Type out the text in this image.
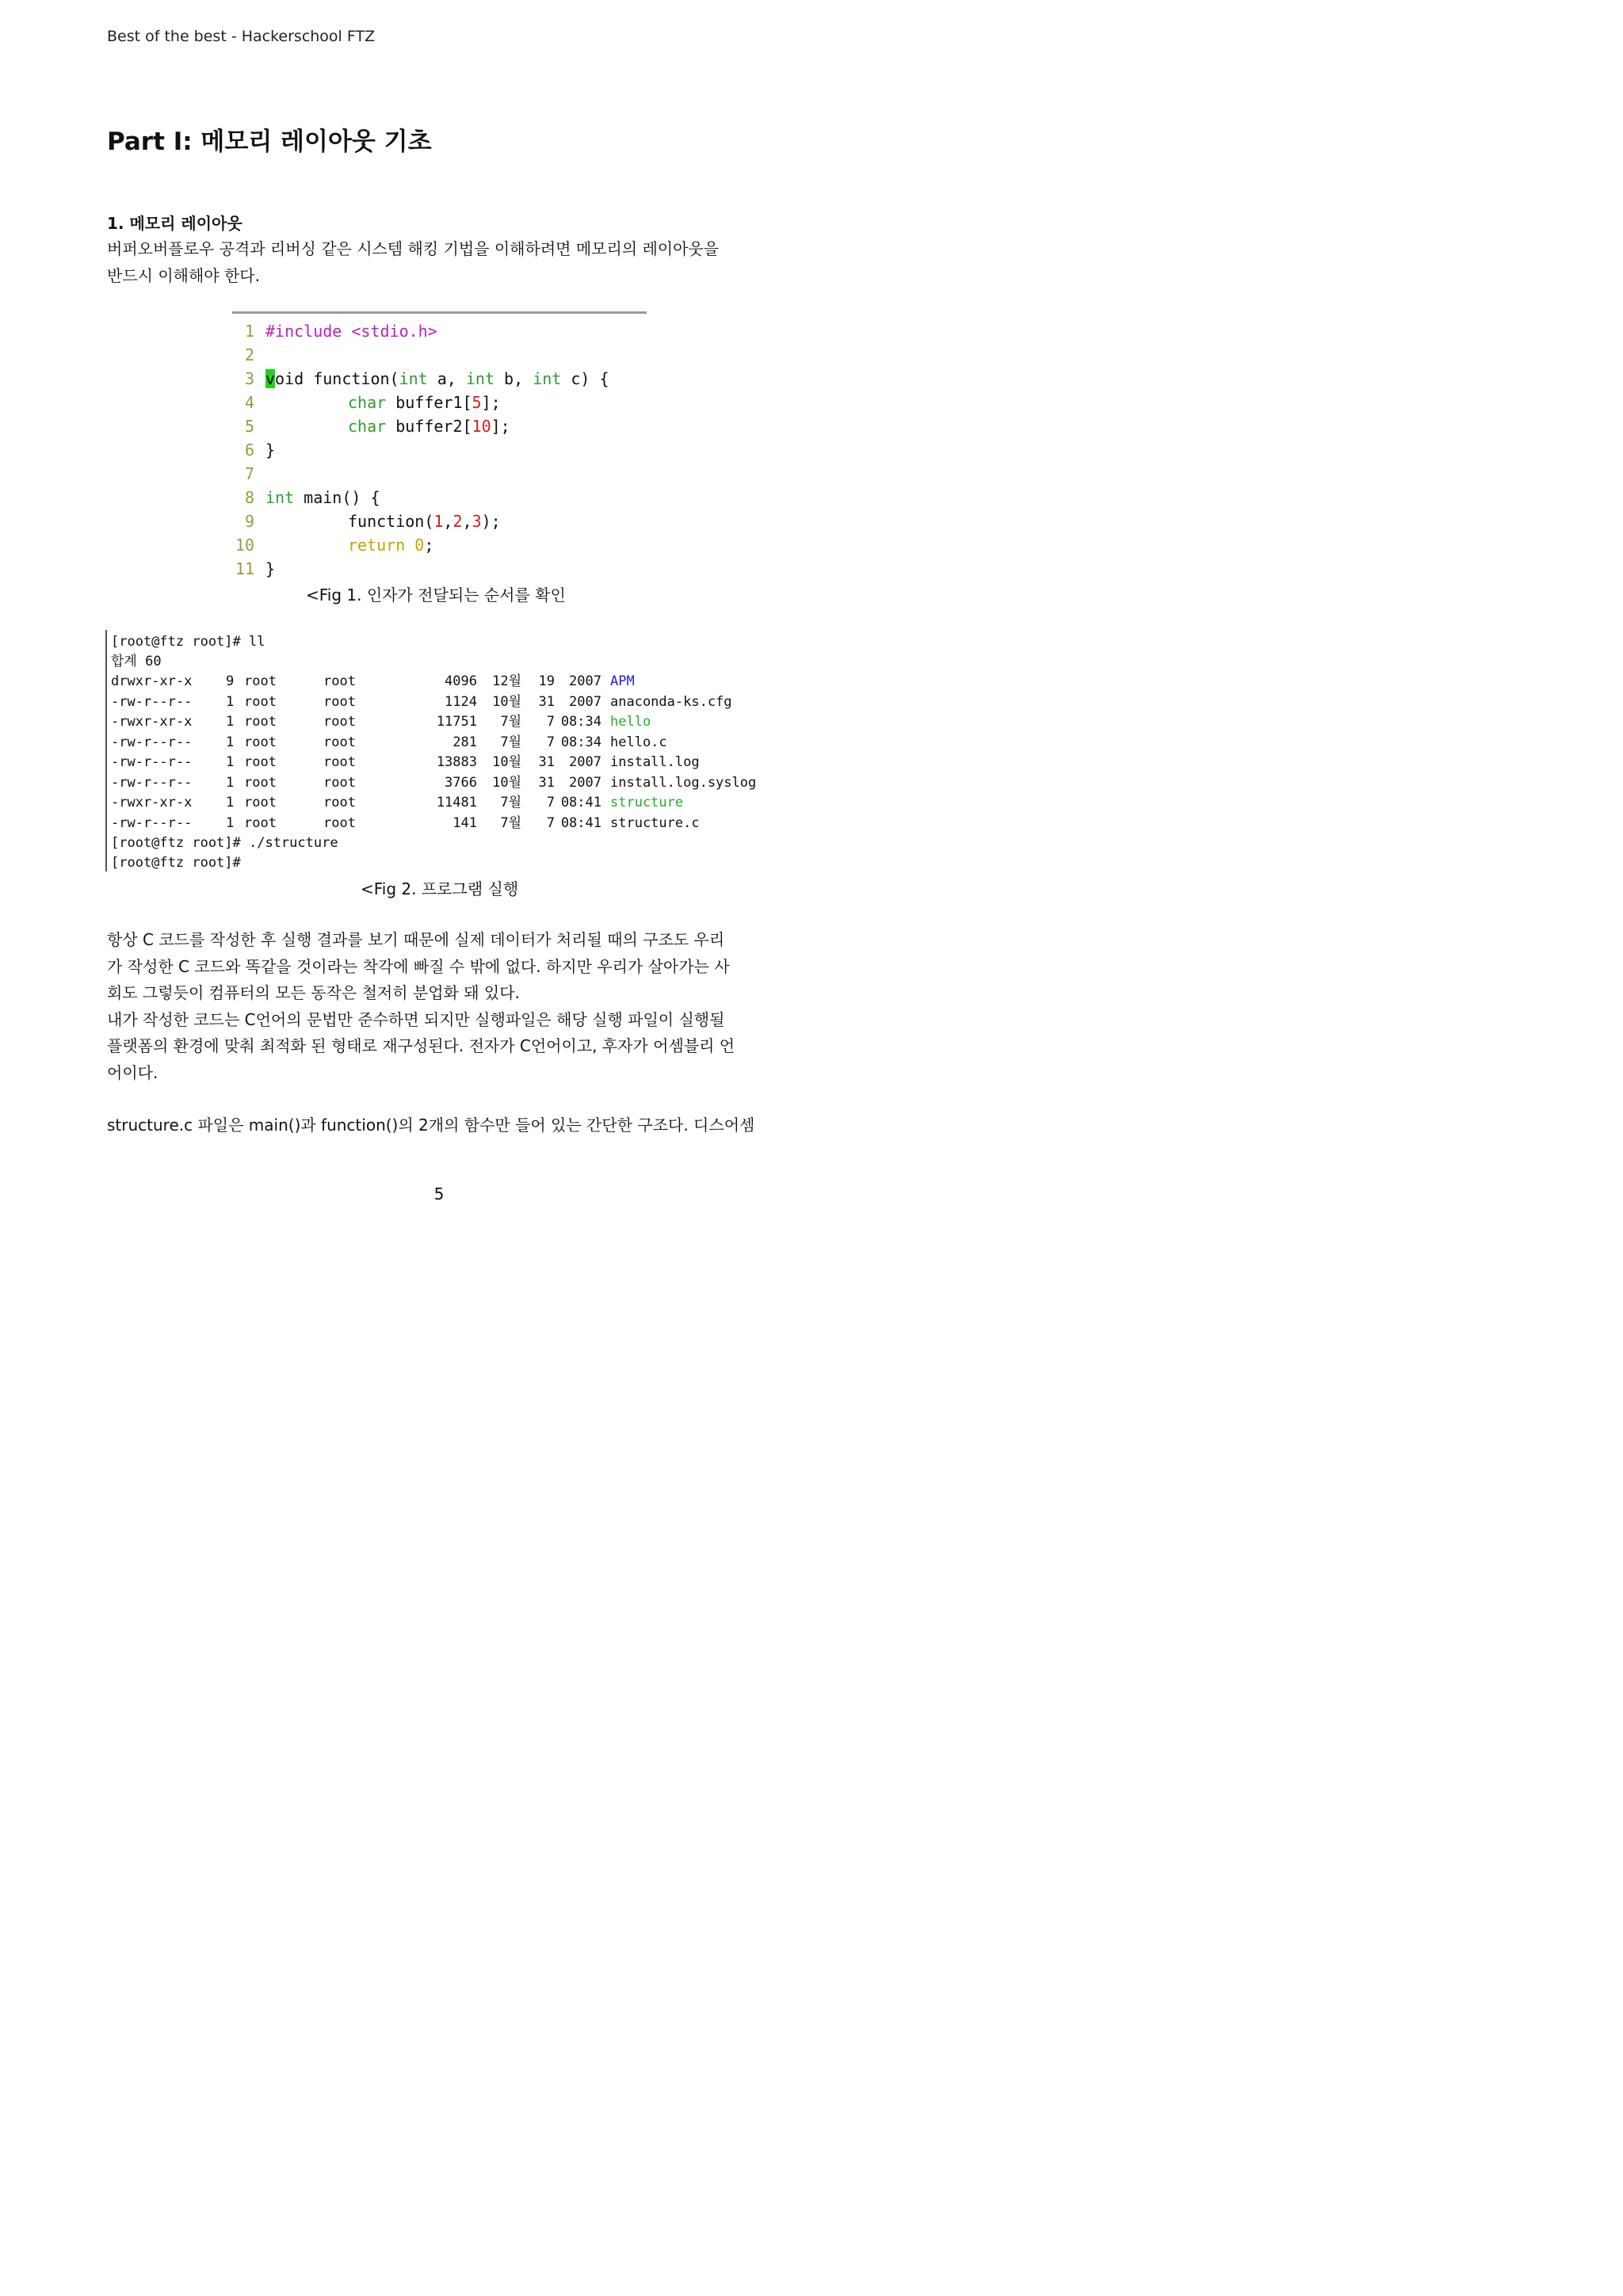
Best of the best - Hackerschool FTZ
Part I: 메모리 레이아웃 기초
1. 메모리 레이아웃

버퍼오버플로우 공격과 리버싱 같은 시스템 해킹 기법을 이해하려면 메모리의 레이아웃을
반드시 이해해야 한다.

1 #include <stdio.h>
2
3 void function(int a, int b, int c) {
4	char buffer1[5];
5	char buffer2[10];
6 }
7
8 int main() {
9	function(1,2,3);
10	return 0;
11 }
<Fig 1. 인자가 전달되는 순서를 확인
[root@ftz root]# ll
합계 60
drwxr-xr-x	9 root	root	4096	12월	19	2007 APM
-rw-r--r--	1 root	root	1124	10월	31	2007 anaconda-ks.cfg
-rwxr-xr-x	1 root	root	11751	7월	7 08:34 hello
-rw-r--r--	1 root	root	281	7월	7 08:34 hello.c
-rw-r--r--	1 root	root	13883	10월	31	2007 install.log
-rw-r--r--	1 root	root	3766	10월	31	2007 install.log.syslog
-rwxr-xr-x	1 root	root	11481	7월	7 08:41 structure
-rw-r--r--	1 root	root	141	7월	7 08:41 structure.c
[root@ftz root]# ./structure
[root@ftz root]#
<Fig 2. 프로그램 실행

항상 C 코드를 작성한 후 실행 결과를 보기 때문에 실제 데이터가 처리될 때의 구조도 우리
가 작성한 C 코드와 똑같을 것이라는 착각에 빠질 수 밖에 없다. 하지만 우리가 살아가는 사
회도 그렇듯이 컴퓨터의 모든 동작은 철저히 분업화 돼 있다.
내가 작성한 코드는 C언어의 문법만 준수하면 되지만 실행파일은 해당 실행 파일이 실행될
플랫폼의 환경에 맞춰 최적화 된 형태로 재구성된다. 전자가 C언어이고, 후자가 어셈블리 언
어이다.

structure.c 파일은 main()과 function()의 2개의 함수만 들어 있는 간단한 구조다. 디스어셈

5
